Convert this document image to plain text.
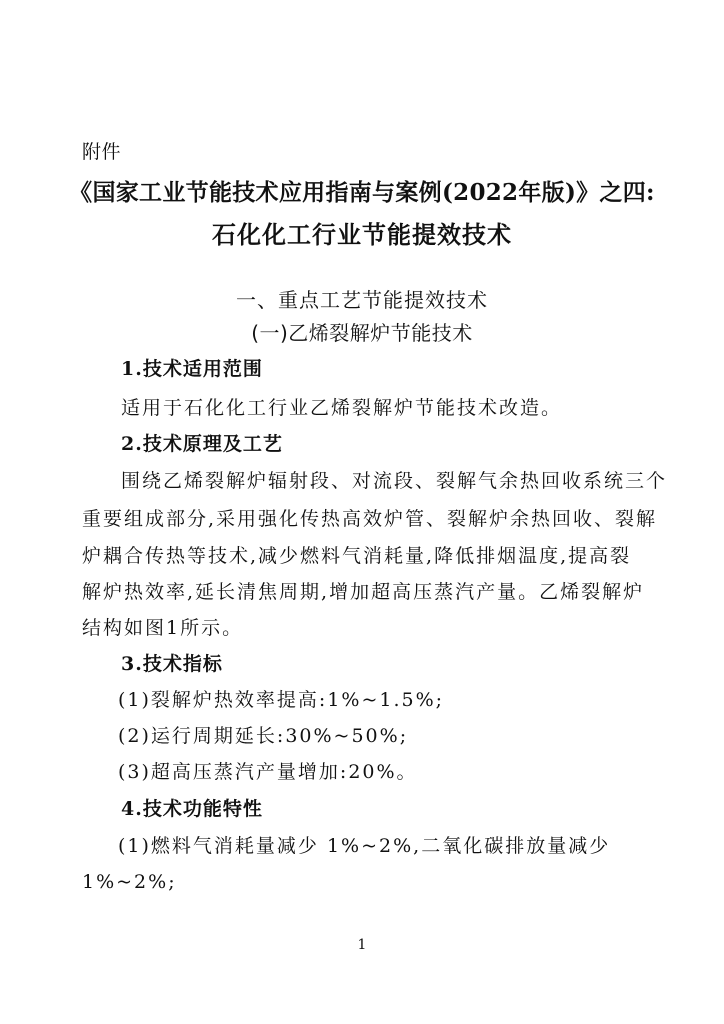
附件
《国家工业节能技术应用指南与案例(2022年版)》之四:
石化化工行业节能提效技术
一、重点工艺节能提效技术
(一)乙烯裂解炉节能技术
1.技术适用范围
适用于石化化工行业乙烯裂解炉节能技术改造。
2.技术原理及工艺
围绕乙烯裂解炉辐射段、对流段、裂解气余热回收系统三个
重要组成部分,采用强化传热高效炉管、裂解炉余热回收、裂解
炉耦合传热等技术,减少燃料气消耗量,降低排烟温度,提高裂
解炉热效率,延长清焦周期,增加超高压蒸汽产量。乙烯裂解炉
结构如图1所示。
3.技术指标
(1)裂解炉热效率提高:1%~1.5%;
(2)运行周期延长:30%~50%;
(3)超高压蒸汽产量增加:20%。
4.技术功能特性
(1)燃料气消耗量减少 1%~2%,二氧化碳排放量减少
1%~2%;
1
